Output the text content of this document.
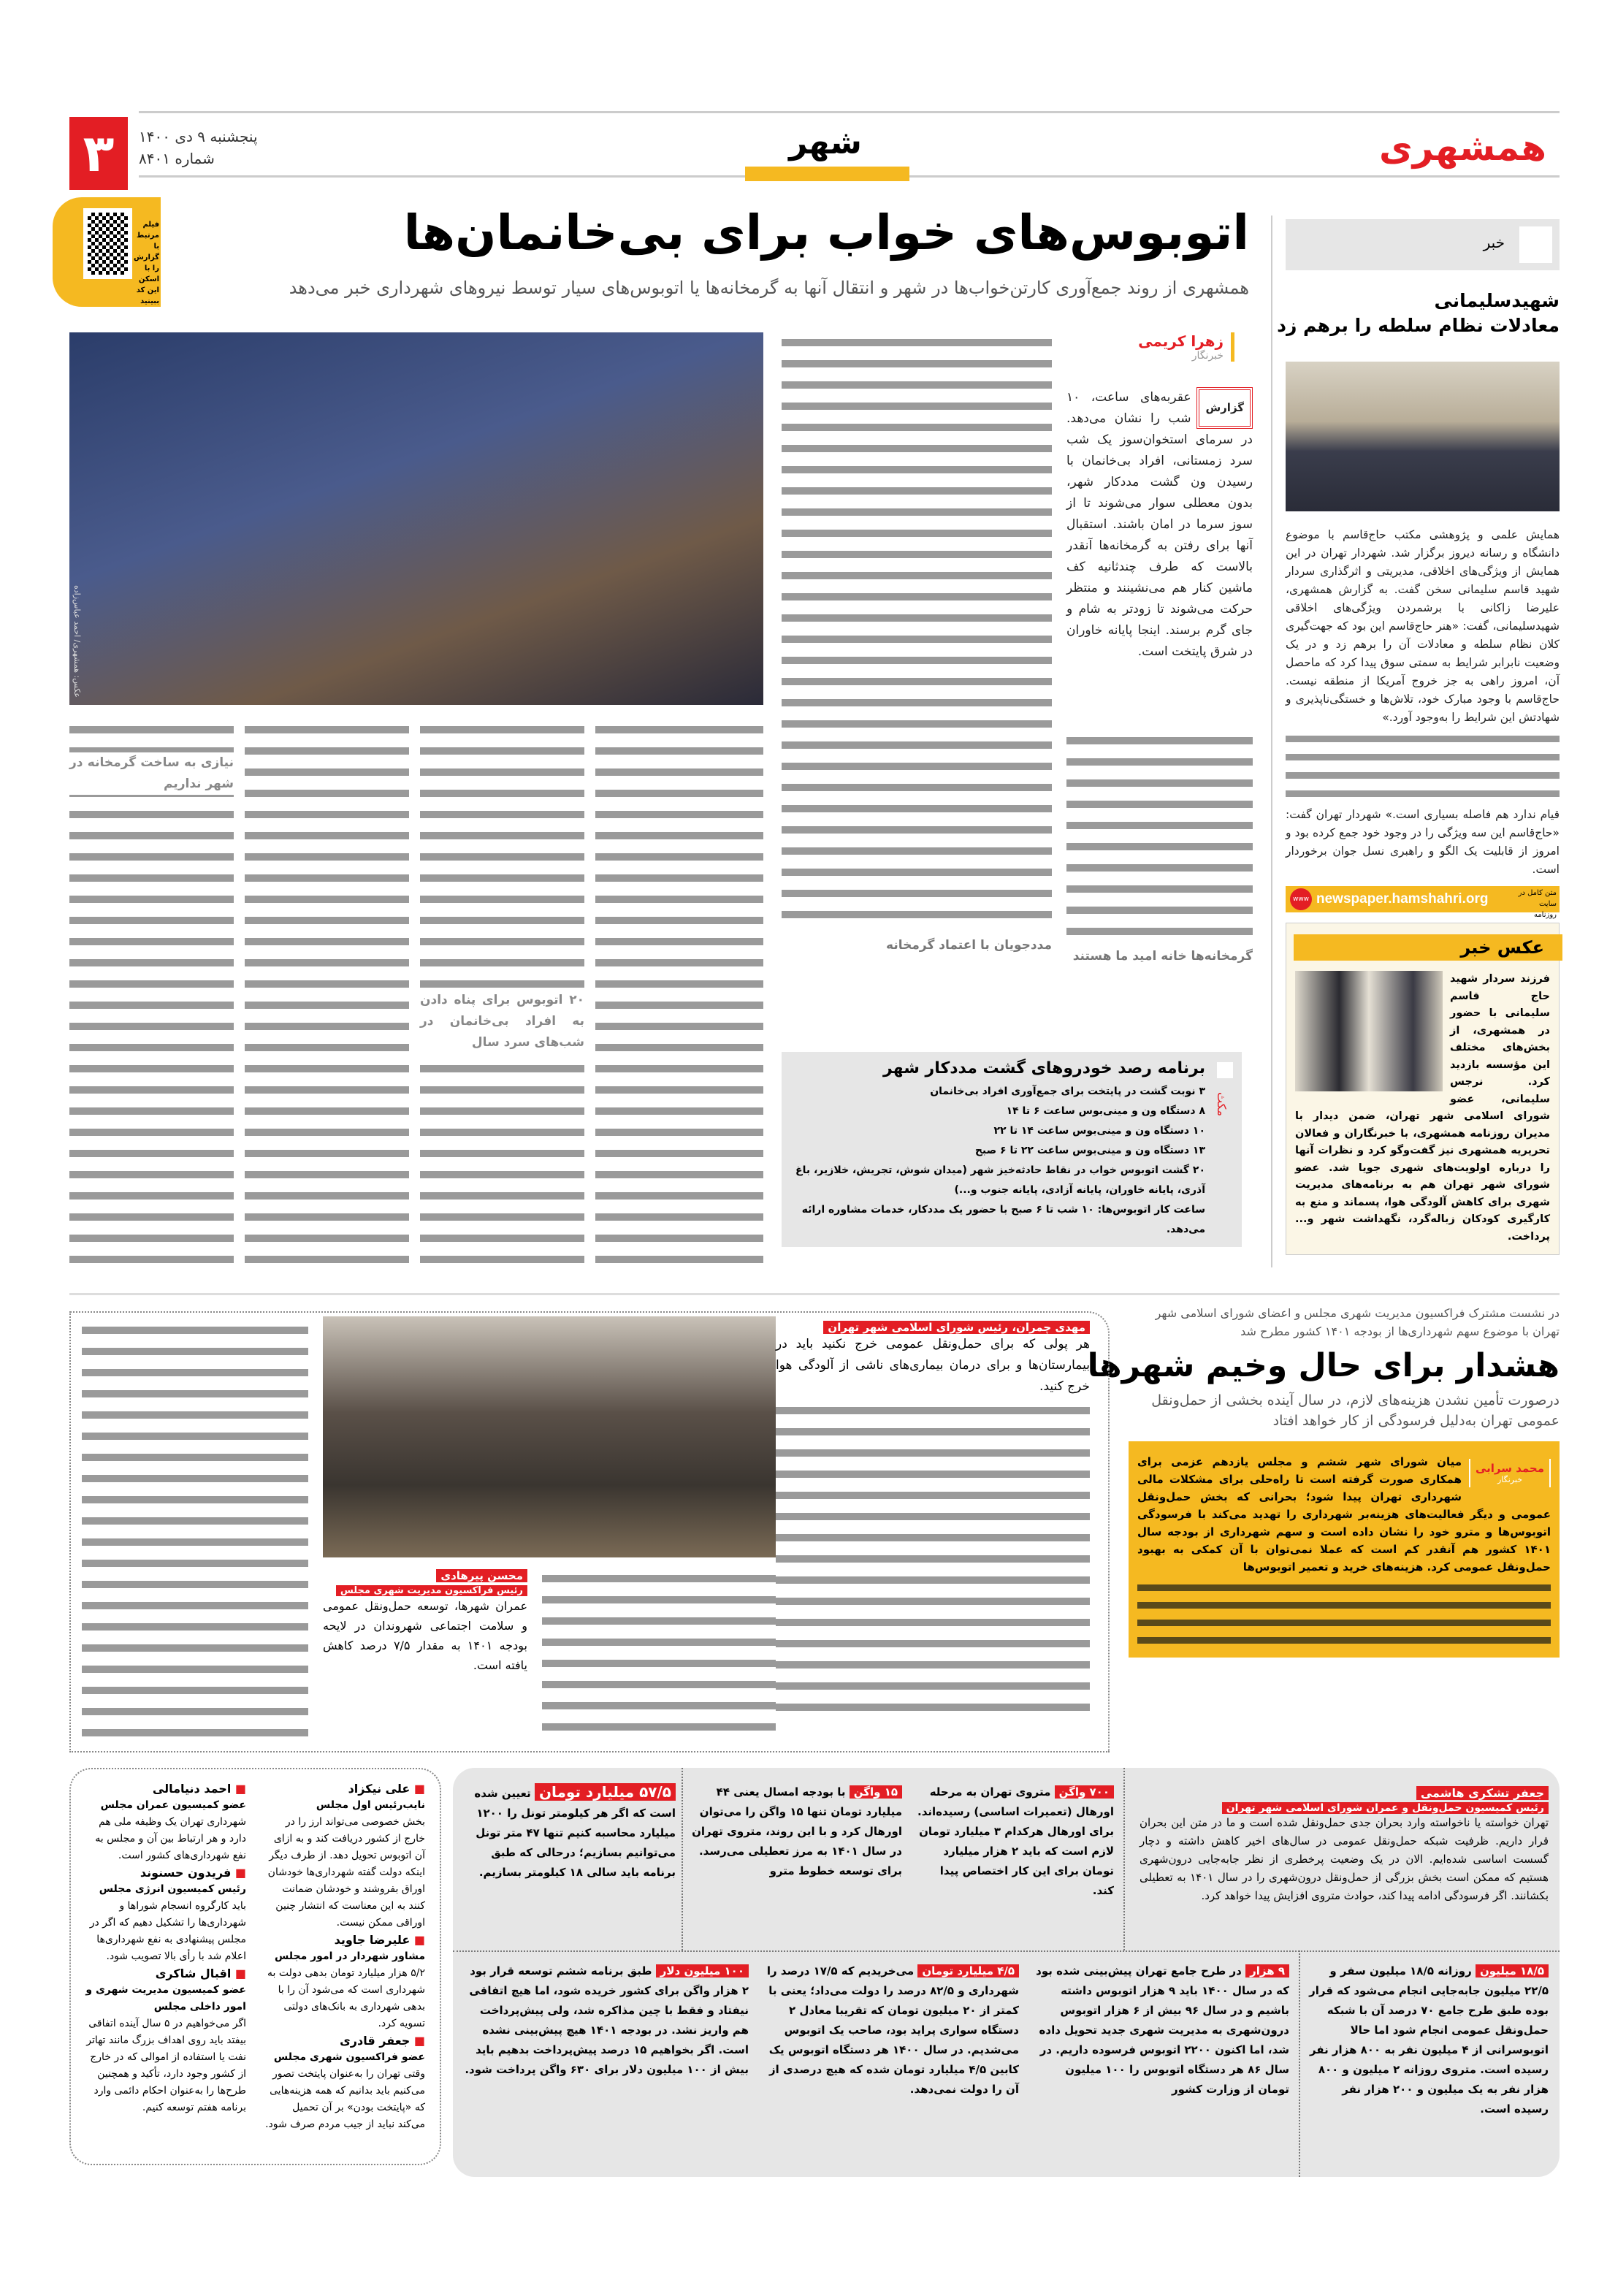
۳	پنجشنبه ۹ دی ۱۴۰۰
شماره ۸۴۰۱	شهر	همشهری
فیلم مرتبط با گزارش را با اسکن این کد ببینید
اتوبوس‌های خواب برای بی‌خانمان‌ها
همشهری از روند جمع‌آوری کارتن‌خواب‌ها در شهر و انتقال آنها به گرمخانه‌ها یا اتوبوس‌های سیار توسط نیروهای شهرداری خبر می‌دهد
عکس: همشهری/ احمد عباس‌زاده
زهرا کریمی
خبرنگار
گزارش
عقربه‌های ساعت، ۱۰ شب را نشان می‌دهد. در سرمای استخوان‌سوز یک شب سرد زمستانی، افراد بی‌خانمان با رسیدن ون گشت مددکار شهر، بدون معطلی سوار می‌شوند تا از سوز سرما در امان باشند. استقبال آنها برای رفتن به گرمخانه‌ها آنقدر بالاست که طرف چندثانیه کف ماشین کنار هم می‌نشینند و منتظر حرکت می‌شوند تا زودتر به شام و جای گرم برسند. اینجا پایانه خاوران در شرق پایتخت است.
گرمخانه‌ها خانه امید ما هستند
مددجویان با اعتماد گرمخانه
نیازی به ساخت گرمخانه در شهر نداریم
۲۰ اتوبوس برای پناه دادن به افراد بی‌خانمان در شب‌های سرد سال
مکث
برنامه رصد خودروهای گشت مددکار شهر
۳ نوبت گشت در پایتخت برای جمع‌آوری افراد بی‌خانمان
۸ دستگاه ون و مینی‌بوس ساعت ۶ تا ۱۴
۱۰ دستگاه ون و مینی‌بوس ساعت ۱۴ تا ۲۲
۱۳ دستگاه ون و مینی‌بوس ساعت ۲۲ تا ۶ صبح
۲۰ گشت اتوبوس خواب در نقاط حادثه‌خیز شهر (میدان شوش، تجریش، خلازیر، باغ آذری، پایانه خاوران، پایانه آزادی، پایانه جنوب و...)
ساعت کار اتوبوس‌ها: ۱۰ شب تا ۶ صبح با حضور یک مددکار، خدمات مشاوره ارائه می‌دهد.
خبر
شهیدسلیمانی
معادلات نظام سلطه را برهم زد
همایش علمی و پژوهشی مکتب حاج‌قاسم با موضوع دانشگاه و رسانه دیروز برگزار شد. شهردار تهران در این همایش از ویژگی‌های اخلاقی، مدیریتی و اثرگذاری سردار شهید قاسم سلیمانی سخن گفت. به گزارش همشهری، علیرضا زاکانی با برشمردن ویژگی‌های اخلاقی شهیدسلیمانی، گفت: «هنر حاج‌قاسم این بود که جهت‌گیری کلان نظام سلطه و معادلات آن را برهم زد و در یک وضعیت نابرابر شرایط به سمتی سوق پیدا کرد که ماحصل آن، امروز راهی به جز خروج آمریکا از منطقه نیست. حاج‌قاسم با وجود مبارک خود، تلاش‌ها و خستگی‌ناپذیری و شهادتش این شرایط را به‌وجود آورد.»
قیام ندارد هم فاصله بسیاری است.» شهردار تهران گفت: «حاج‌قاسم این سه ویژگی را در وجود خود جمع کرده بود و امروز از قابلیت یک الگو و راهبری نسل جوان برخوردار است.
www newspaper.hamshahri.org	متن کامل در سایت روزنامه
عکس خبر
فرزند سردار شهید حاج قاسم سلیمانی با حضور در همشهری، از بخش‌های مختلف این مؤسسه بازدید کرد. نرجس سلیمانی، عضو شورای اسلامی شهر تهران، ضمن دیدار با مدیران روزنامه همشهری، با خبرنگاران و فعالان تحریریه همشهری نیز گفت‌وگو کرد و نظرات آنها را درباره اولویت‌های شهری جویا شد. عضو شورای شهر تهران هم به برنامه‌های مدیریت شهری برای کاهش آلودگی هوا، پسماند و منع به کارگیری کودکان زباله‌گرد، نگهداشت شهر و... پرداخت.
در نشست مشترک فراکسیون مدیریت شهری مجلس و اعضای شورای اسلامی شهر تهران با موضوع سهم شهرداری‌ها از بودجه ۱۴۰۱ کشور مطرح شد
هشدار برای حال وخیم شهرها
درصورت تأمین نشدن هزینه‌های لازم، در سال آینده بخشی از حمل‌ونقل عمومی تهران به‌دلیل فرسودگی از کار خواهد افتاد
محمد سرابی
خبرنگار
میان شورای شهر ششم و مجلس یازدهم عزمی برای همکاری صورت گرفته است تا راه‌حلی برای مشکلات مالی شهرداری تهران پیدا شود؛ بحرانی که بخش حمل‌ونقل عمومی و دیگر فعالیت‌های هزینه‌بر شهرداری را تهدید می‌کند با فرسودگی اتوبوس‌ها و مترو خود را نشان داده است و سهم شهرداری از بودجه سال ۱۴۰۱ کشور هم آنقدر کم است که عملا نمی‌توان با آن کمکی به بهبود حمل‌ونقل عمومی کرد. هزینه‌های خرید و تعمیر اتوبوس‌ها
مهدی چمران، رئیس شورای اسلامی شهر تهران
هر پولی که برای حمل‌ونقل عمومی خرج نکنید باید در بیمارستان‌ها و برای درمان بیماری‌های ناشی از آلودگی هوا خرج کنید.
محسن پیرهادی
رئیس فراکسیون مدیریت شهری مجلس
عمران شهرها، توسعه حمل‌ونقل عمومی و سلامت اجتماعی شهروندان در لایحه بودجه ۱۴۰۱ به مقدار ۷/۵ درصد کاهش یافته است.
■ علی نیکزاد
نایب‌رئیس اول مجلس
بخش خصوصی می‌تواند ارز را در خارج از کشور دریافت کند و به ازای آن اتوبوس تحویل دهد. از طرف دیگر اینکه دولت گفته شهرداری‌ها خودشان اوراق بفروشند و خودشان ضمانت کنند به این معناست که انتشار چنین اوراقی ممکن نیست.
■ علیرضا جاوید
مشاور شهردار در امور مجلس
۵/۲ هزار میلیارد تومان بدهی دولت به شهرداری است که می‌شود آن را با بدهی شهرداری به بانک‌های دولتی تسویه کرد.
■ جعفر قادری
عضو فراکسیون شهری مجلس
وقتی تهران را به‌عنوان پایتخت تصور می‌کنیم باید بدانیم که همه هزینه‌هایی که «پایتخت بودن» بر آن تحمیل می‌کند نباید از جیب مردم صرف شود.
■ احمد دنیامالی
عضو کمیسیون عمران مجلس
شهرداری تهران یک وظیفه ملی هم دارد و هر ارتباط بین آن و مجلس به نفع شهرداری‌های کشور است.
■ فریدون حسنوند
رئیس کمیسیون انرژی مجلس
باید کارگروه انسجام شوراها و شهرداری‌ها را تشکیل دهیم که اگر در مجلس پیشنهادی به نفع شهرداری‌ها اعلام شد با رأی بالا تصویب شود.
■ اقبال شاکری
عضو کمیسیون مدیریت شهری و امور داخلی مجلس
اگر می‌خواهیم در ۵ سال آینده اتفاقی بیفتد باید روی اهداف بزرگ مانند تهاتر نفت یا استفاده از اموالی که در خارج از کشور وجود دارد، تأکید و همچنین طرح‌ها را به‌عنوان احکام دائمی وارد برنامه هفتم توسعه کنیم.
جعفر تشکری هاشمی
رئیس کمیسیون حمل‌ونقل و عمران شورای اسلامی شهر تهران
تهران خواسته یا ناخواسته وارد بحران جدی حمل‌ونقل شده است و ما در متن این بحران قرار داریم. ظرفیت شبکه حمل‌ونقل عمومی در سال‌های اخیر کاهش داشته و دچار گسست اساسی شده‌ایم. الان در یک وضعیت پرخطری از نظر جابه‌جایی درون‌شهری هستیم که ممکن است بخش بزرگی از حمل‌ونقل درون‌شهری را در سال ۱۴۰۱ به تعطیلی بکشانند. اگر فرسودگی ادامه پیدا کند، حوادث متروی افزایش پیدا خواهد کرد.
۷۰۰ واگن متروی تهران به مرحله اورهال (تعمیرات اساسی) رسیده‌اند. برای اورهال هرکدام ۳ میلیارد تومان لازم است که باید ۲ هزار میلیارد تومان برای این کار اختصاص پیدا کند.
۱۵ واگن با بودجه امسال یعنی ۴۴ میلیارد تومان تنها ۱۵ واگن را می‌توان اورهال کرد و با این روند، متروی تهران در سال ۱۴۰۱ به مرز تعطیلی می‌رسد. برای توسعه خطوط مترو
۵۷/۵ میلیارد تومان تعیین شده است که اگر هر کیلومتر تونل را ۱۲۰۰ میلیارد محاسبه کنیم تنها ۴۷ متر تونل می‌توانیم بسازیم؛ درحالی که طبق برنامه باید سالی ۱۸ کیلومتر بسازیم.
۱۸/۵ میلیون روزانه ۱۸/۵ میلیون سفر و ۲۲/۵ میلیون جابه‌جایی انجام می‌شود که قرار بوده طبق طرح جامع ۷۰ درصد آن با شبکه حمل‌ونقل عمومی انجام شود اما حالا اتوبوسرانی از ۴ میلیون نفر به ۸۰۰ هزار نفر رسیده است. متروی روزانه ۲ میلیون و ۸۰۰ هزار نفر به یک میلیون و ۲۰۰ هزار نفر رسیده است.
۹ هزار در طرح جامع تهران پیش‌بینی شده بود که در سال ۱۴۰۰ باید ۹ هزار اتوبوس داشته باشیم و در سال ۹۶ بیش از ۶ هزار اتوبوس درون‌شهری به مدیریت شهری جدید تحویل داده شد، اما اکنون ۲۲۰۰ اتوبوس فرسوده داریم. در سال ۸۶ هر دستگاه اتوبوس را ۱۰۰ میلیون تومان از وزارت کشور
۴/۵ میلیارد تومان می‌خریدیم که ۱۷/۵ درصد را شهرداری و ۸۲/۵ درصد را دولت می‌داد؛ یعنی با کمتر از ۲۰ میلیون تومان که تقریبا معادل ۲ دستگاه سواری پراید بود، صاحب یک اتوبوس می‌شدیم. در سال ۱۴۰۰ هر دستگاه اتوبوس یک کابین ۴/۵ میلیارد تومان شده که هیچ درصدی از آن را دولت نمی‌دهد.
۱۰۰ میلیون دلار طبق برنامه ششم توسعه قرار بود ۲ هزار واگن برای کشور خریده شود، اما هیچ اتفاقی نیفتاد و فقط با چین مذاکره شد، ولی پیش‌پرداخت هم واریز نشد. در بودجه ۱۴۰۱ هیچ پیش‌بینی نشده است. اگر بخواهیم ۱۵ درصد پیش‌پرداخت بدهیم باید بیش از ۱۰۰ میلیون دلار برای ۶۳۰ واگن پرداخت شود.
